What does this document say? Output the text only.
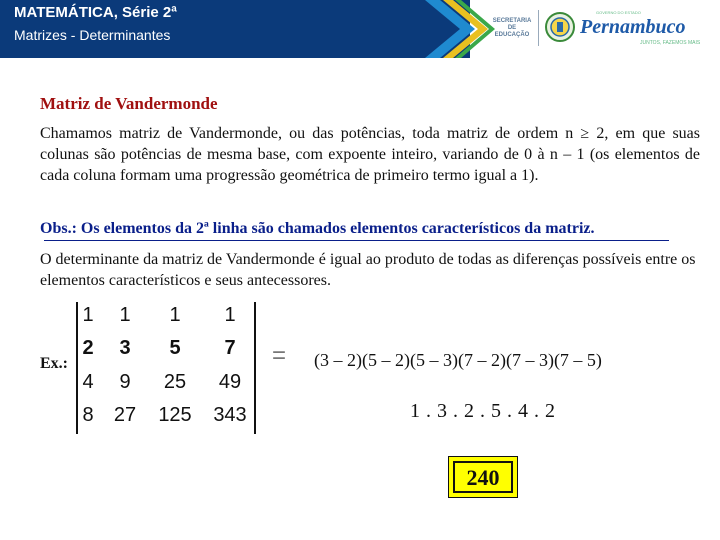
MATEMÁTICA, Série 2ª
Matrizes - Determinantes
SECRETARIA DE EDUCAÇÃO
GOVERNO DO ESTADO
Pernambuco
JUNTOS, FAZEMOS MAIS
Matriz de Vandermonde
Chamamos matriz de Vandermonde, ou das potências, toda matriz de ordem n ≥ 2, em que suas colunas são potências de mesma base, com expoente inteiro, variando de 0 à n – 1 (os elementos de cada coluna formam uma progressão geométrica de primeiro termo igual a 1).
Obs.: Os elementos da 2ª linha são chamados elementos característicos da matriz.
O determinante da matriz de Vandermonde é igual ao produto de todas as diferenças possíveis entre os elementos característicos e seus antecessores.
Ex.:
1	1	1	1
2	3	5	7
4	9	25	49
8	27	125 343
= (3 – 2)(5 – 2)(5 – 3)(7 – 2)(7 – 3)(7 – 5)
1 . 3 . 2 . 5 . 4 . 2
240
